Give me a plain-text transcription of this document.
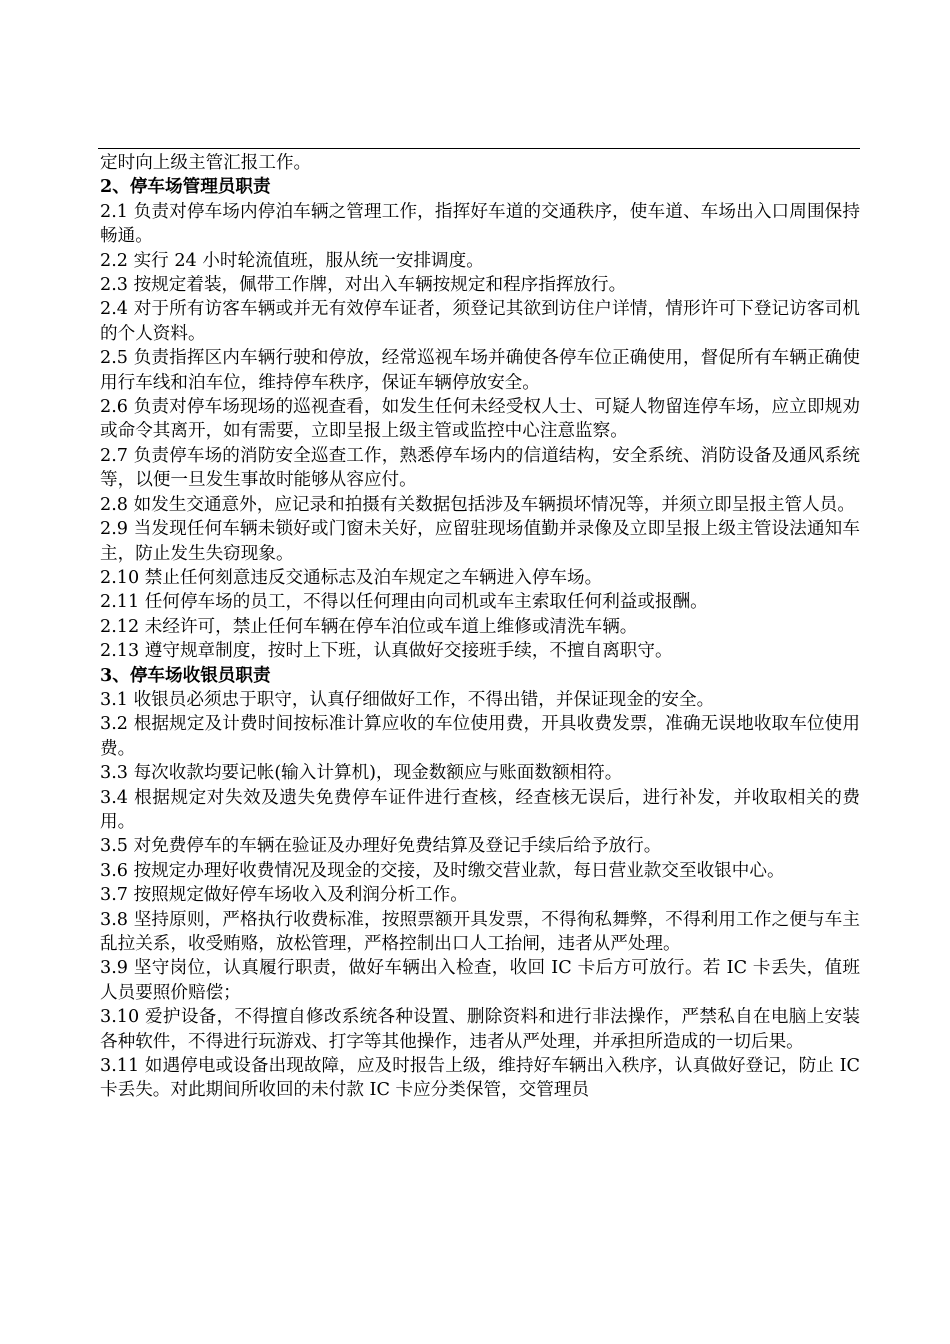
定时向上级主管汇报工作。

2、停车场管理员职责

2.1 负责对停车场内停泊车辆之管理工作，指挥好车道的交通秩序，使车道、车场出入口周围保持畅通。

2.2 实行 24 小时轮流值班，服从统一安排调度。

2.3 按规定着装，佩带工作牌，对出入车辆按规定和程序指挥放行。

2.4 对于所有访客车辆或并无有效停车证者，须登记其欲到访住户详情，情形许可下登记访客司机的个人资料。

2.5 负责指挥区内车辆行驶和停放，经常巡视车场并确使各停车位正确使用，督促所有车辆正确使用行车线和泊车位，维持停车秩序，保证车辆停放安全。

2.6 负责对停车场现场的巡视查看，如发生任何未经受权人士、可疑人物留连停车场，应立即规劝或命令其离开，如有需要，立即呈报上级主管或监控中心注意监察。

2.7 负责停车场的消防安全巡查工作，熟悉停车场内的信道结构，安全系统、消防设备及通风系统等，以便一旦发生事故时能够从容应付。

2.8 如发生交通意外，应记录和拍摄有关数据包括涉及车辆损坏情况等，并须立即呈报主管人员。

2.9 当发现任何车辆未锁好或门窗未关好，应留驻现场值勤并录像及立即呈报上级主管设法通知车主，防止发生失窃现象。

2.10 禁止任何刻意违反交通标志及泊车规定之车辆进入停车场。

2.11 任何停车场的员工，不得以任何理由向司机或车主索取任何利益或报酬。

2.12 未经许可，禁止任何车辆在停车泊位或车道上维修或清洗车辆。

2.13 遵守规章制度，按时上下班，认真做好交接班手续，不擅自离职守。

3、停车场收银员职责

3.1 收银员必须忠于职守，认真仔细做好工作，不得出错，并保证现金的安全。

3.2 根据规定及计费时间按标准计算应收的车位使用费，开具收费发票，准确无误地收取车位使用费。

3.3 每次收款均要记帐(输入计算机)，现金数额应与账面数额相符。

3.4 根据规定对失效及遗失免费停车证件进行查核，经查核无误后，进行补发，并收取相关的费用。

3.5 对免费停车的车辆在验证及办理好免费结算及登记手续后给予放行。

3.6 按规定办理好收费情况及现金的交接，及时缴交营业款，每日营业款交至收银中心。

3.7 按照规定做好停车场收入及利润分析工作。

3.8 坚持原则，严格执行收费标准，按照票额开具发票，不得徇私舞弊，不得利用工作之便与车主乱拉关系，收受贿赂，放松管理，严格控制出口人工抬闸，违者从严处理。

3.9 坚守岗位，认真履行职责，做好车辆出入检查，收回 IC 卡后方可放行。若 IC 卡丢失，值班人员要照价赔偿；

3.10 爱护设备，不得擅自修改系统各种设置、删除资料和进行非法操作，严禁私自在电脑上安装各种软件，不得进行玩游戏、打字等其他操作，违者从严处理，并承担所造成的一切后果。

3.11 如遇停电或设备出现故障，应及时报告上级，维持好车辆出入秩序，认真做好登记，防止 IC 卡丢失。对此期间所收回的未付款 IC 卡应分类保管，交管理员
